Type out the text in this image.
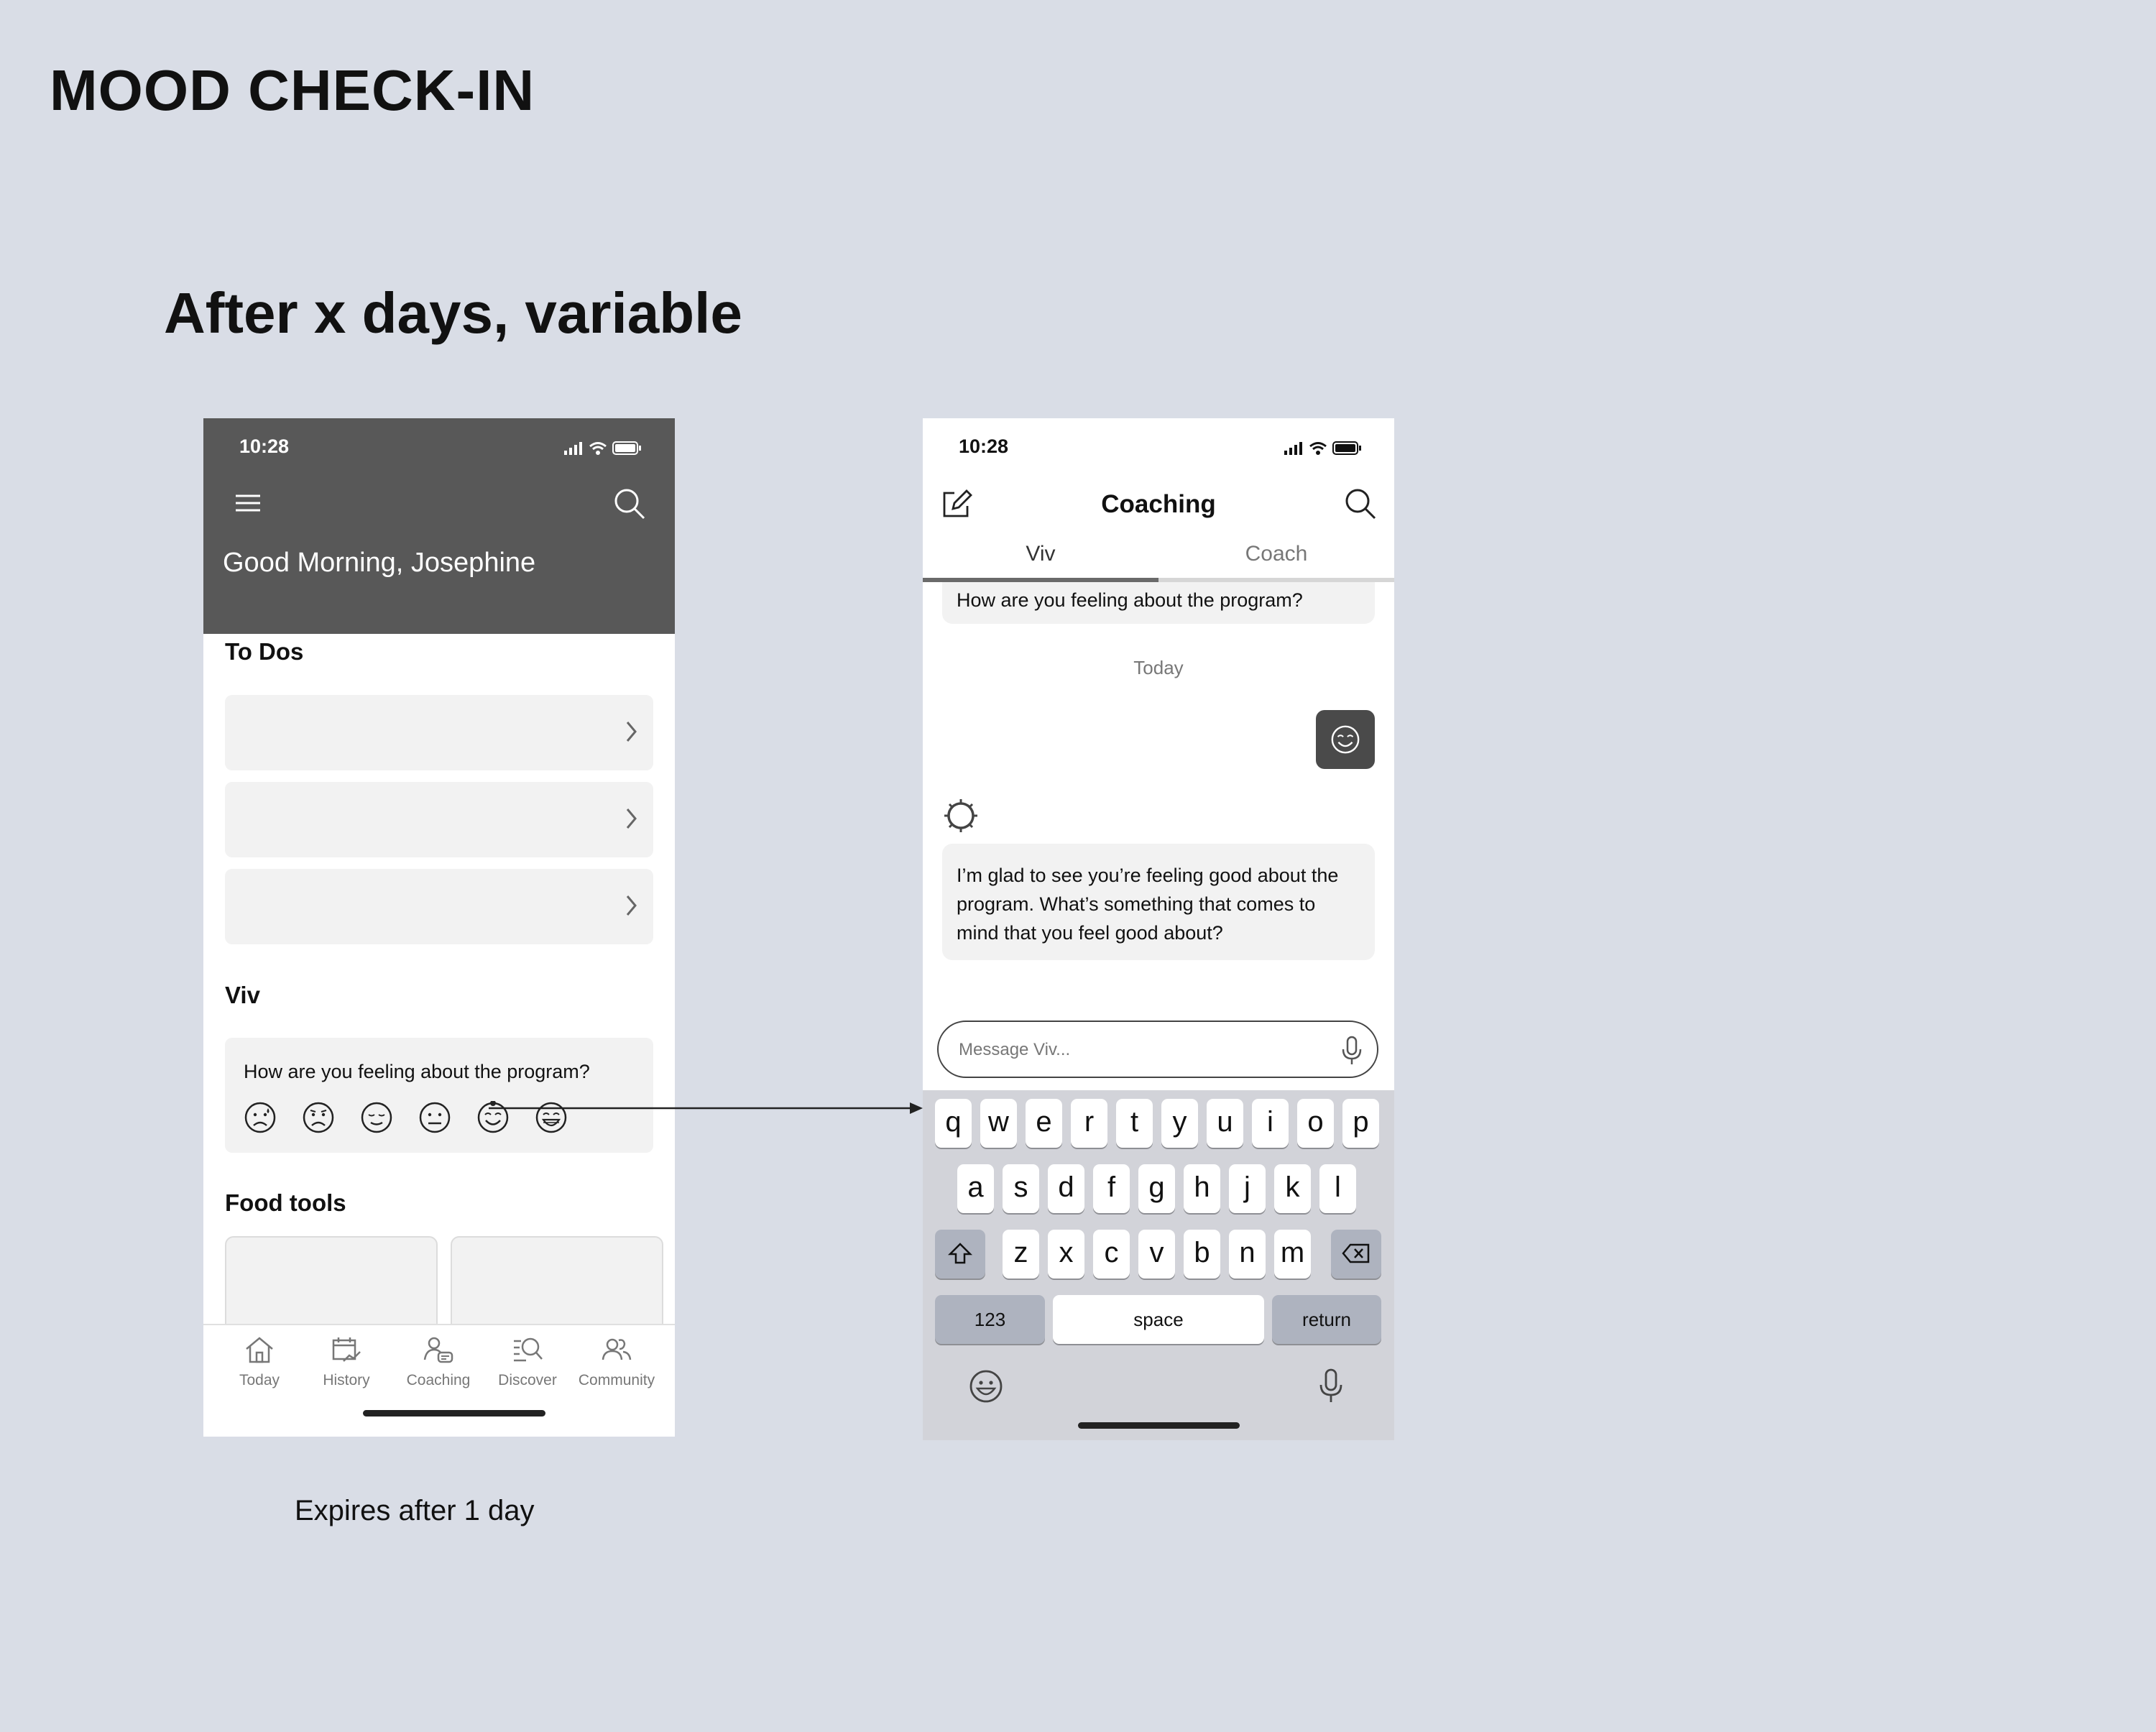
MOOD CHECK-IN
After x days, variable
Expires after 1 day
10:28
Good Morning, Josephine
To Dos
Viv
How are you feeling about the program?
Food tools
Today	History	Coaching	Discover	Community
10:28
Coaching
Viv	Coach
How are you feeling about the program?
Today
I’m glad to see you’re feeling good about the
program. What’s something that comes to
mind that you feel good about?
Message Viv...
q w e	r	t	y	u	i	o	p
a	s	d	f	g	h	j	k	l
z	x	c	v	b	n m
123	space	return
